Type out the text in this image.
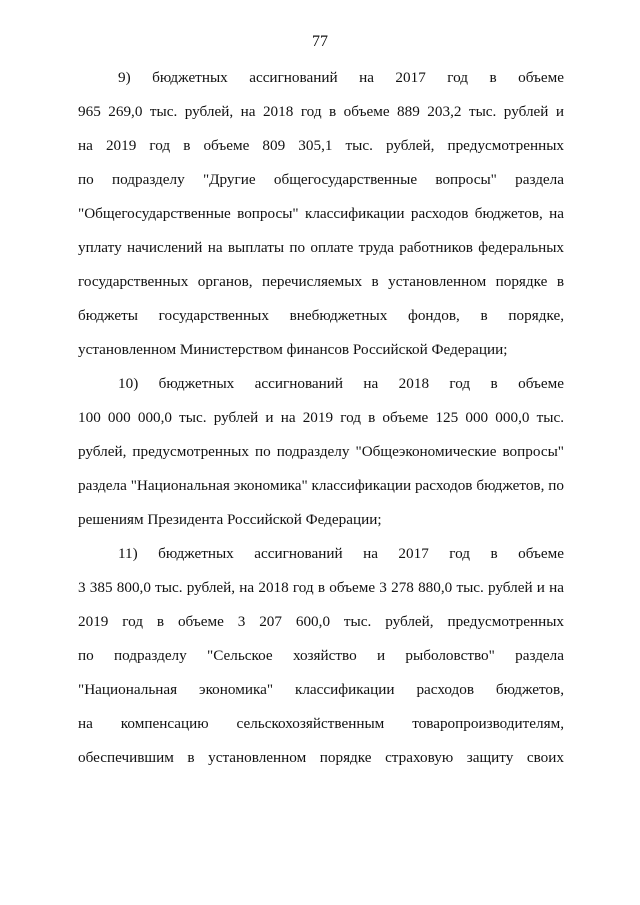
77
9) бюджетных ассигнований на 2017 год в объеме
965 269,0 тыс. рублей, на 2018 год в объеме 889 203,2 тыс. рублей и
на 2019 год в объеме 809 305,1 тыс. рублей, предусмотренных
по подразделу "Другие общегосударственные вопросы" раздела
"Общегосударственные вопросы" классификации расходов бюджетов, на
уплату начислений на выплаты по оплате труда работников федеральных
государственных органов, перечисляемых в установленном порядке в
бюджеты государственных внебюджетных фондов, в порядке,
установленном Министерством финансов Российской Федерации;
10) бюджетных ассигнований на 2018 год в объеме
100 000 000,0 тыс. рублей и на 2019 год в объеме 125 000 000,0 тыс.
рублей, предусмотренных по подразделу "Общеэкономические вопросы"
раздела "Национальная экономика" классификации расходов бюджетов, по
решениям Президента Российской Федерации;
11) бюджетных ассигнований на 2017 год в объеме
3 385 800,0 тыс. рублей, на 2018 год в объеме 3 278 880,0 тыс. рублей и на
2019 год в объеме 3 207 600,0 тыс. рублей, предусмотренных
по подразделу "Сельское хозяйство и рыболовство" раздела
"Национальная экономика" классификации расходов бюджетов,
на компенсацию сельскохозяйственным товаропроизводителям,
обеспечившим в установленном порядке страховую защиту своих
